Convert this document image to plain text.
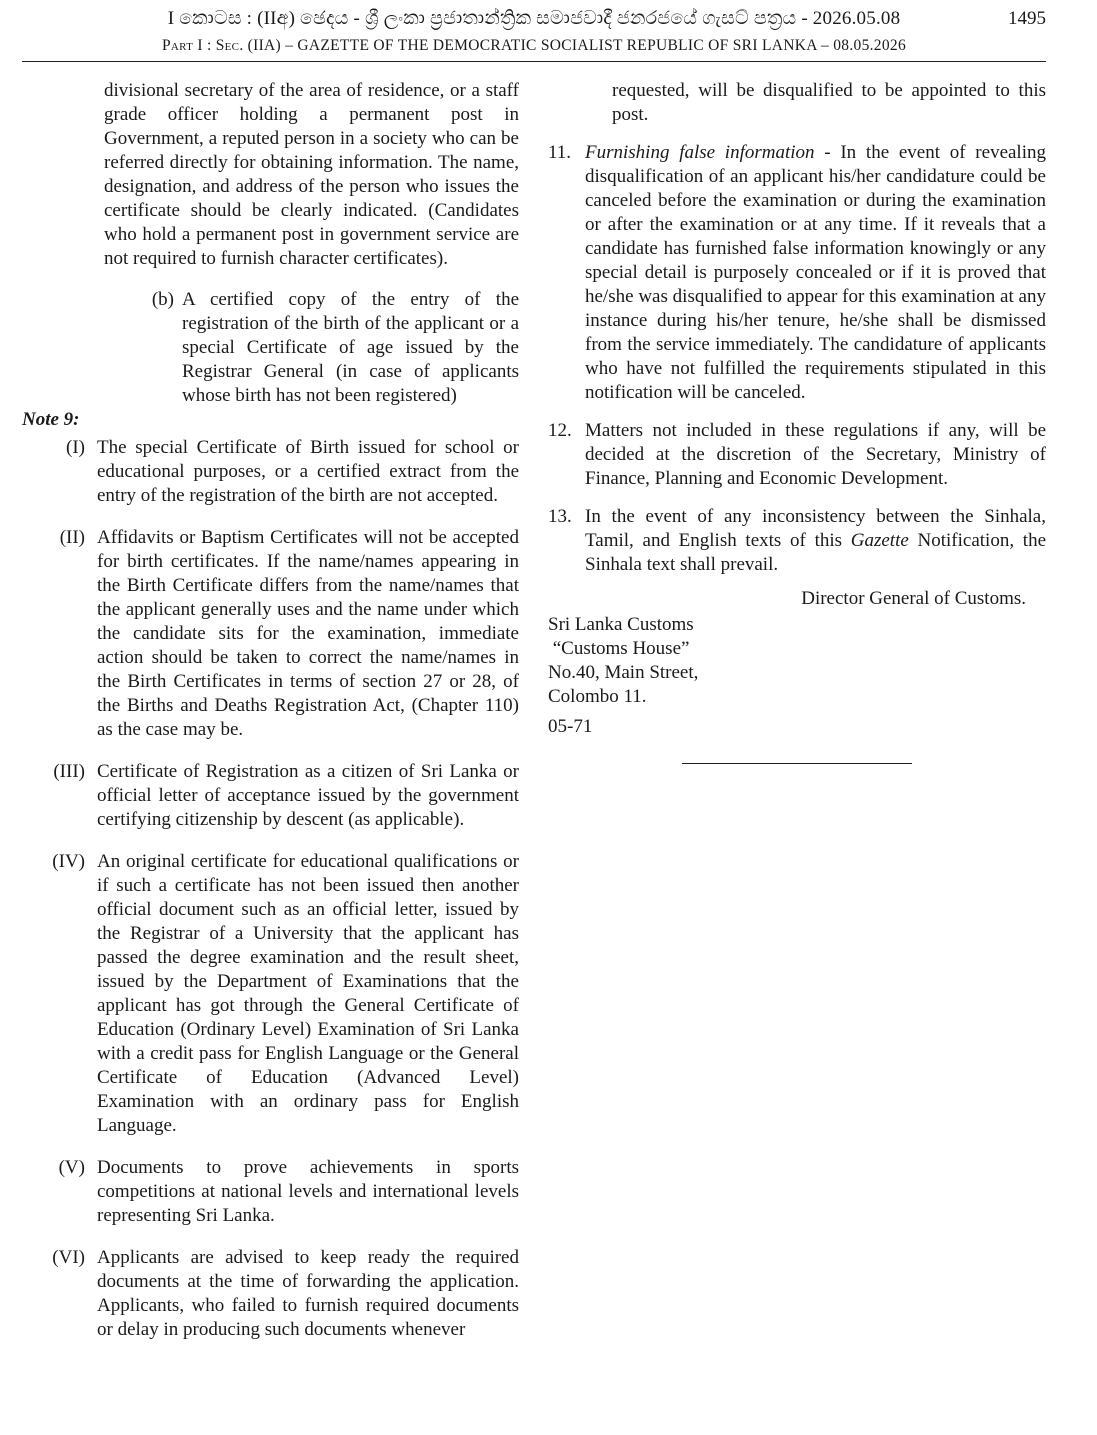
I කොටස : (IIඅ) ඡෙදය - ශ්‍රී ලංකා ප්‍රජාතාන්ත්‍රික සමාජවාදී ජනරජයේ ගැසට් පත්‍රය - 2026.05.08	1495
Part I : Sec. (IIA) – GAZETTE OF THE DEMOCRATIC SOCIALIST REPUBLIC OF SRI LANKA – 08.05.2026

divisional secretary of the area of residence, or a staff grade officer holding a permanent post in Government, a reputed person in a society who can be referred directly for obtaining information. The name, designation, and address of the person who issues the certificate should be clearly indicated. (Candidates who hold a permanent post in government service are not required to furnish character certificates).

(b) A certified copy of the entry of the registration of the birth of the applicant or a special Certificate of age issued by the Registrar General (in case of applicants whose birth has not been registered)
Note 9:
(I) The special Certificate of Birth issued for school or educational purposes, or a certified extract from the entry of the registration of the birth are not accepted.
(II) Affidavits or Baptism Certificates will not be accepted for birth certificates. If the name/names appearing in the Birth Certificate differs from the name/names that the applicant generally uses and the name under which the candidate sits for the examination, immediate action should be taken to correct the name/names in the Birth Certificates in terms of section 27 or 28, of the Births and Deaths Registration Act, (Chapter 110) as the case may be.
(III) Certificate of Registration as a citizen of Sri Lanka or official letter of acceptance issued by the government certifying citizenship by descent (as applicable).
(IV) An original certificate for educational qualifications or if such a certificate has not been issued then another official document such as an official letter, issued by the Registrar of a University that the applicant has passed the degree examination and the result sheet, issued by the Department of Examinations that the applicant has got through the General Certificate of Education (Ordinary Level) Examination of Sri Lanka with a credit pass for English Language or the General Certificate of Education (Advanced Level) Examination with an ordinary pass for English Language.
(V) Documents to prove achievements in sports competitions at national levels and international levels representing Sri Lanka.
(VI) Applicants are advised to keep ready the required documents at the time of forwarding the application. Applicants, who failed to furnish required documents or delay in producing such documents whenever

requested, will be disqualified to be appointed to this post.

11. Furnishing false information - In the event of revealing disqualification of an applicant his/her candidature could be canceled before the examination or during the examination or after the examination or at any time. If it reveals that a candidate has furnished false information knowingly or any special detail is purposely concealed or if it is proved that he/she was disqualified to appear for this examination at any instance during his/her tenure, he/she shall be dismissed from the service immediately. The candidature of applicants who have not fulfilled the requirements stipulated in this notification will be canceled.
12. Matters not included in these regulations if any, will be decided at the discretion of the Secretary, Ministry of Finance, Planning and Economic Development.
13. In the event of any inconsistency between the Sinhala, Tamil, and English texts of this Gazette Notification, the Sinhala text shall prevail.
Director General of Customs.
Sri Lanka Customs
“Customs House”
No.40, Main Street,
Colombo 11.
05-71
